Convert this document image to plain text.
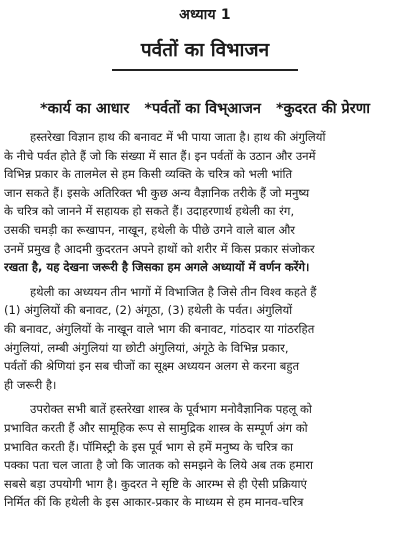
अध्याय 1
पर्वतों का विभाजन
*कार्य का आधार *पर्वतों का विभ्आजन *कुदरत की प्रेरणा
हस्तरेखा विज्ञान हाथ की बनावट में भी पाया जाता है। हाथ की अंगुलियों
के नीचे पर्वत होते हैं जो कि संख्या में सात हैं। इन पर्वतों के उठान और उनमें
विभिन्न प्रकार के तालमेल से हम किसी व्यक्ति के चरित्र को भली भांति
जान सकते हैं। इसके अतिरिक्त भी कुछ अन्य वैज्ञानिक तरीके हैं जो मनुष्य
के चरित्र को जानने में सहायक हो सकते हैं। उदाहरणार्थ हथेली का रंग,
उसकी चमड़ी का रूखापन, नाखून, हथेली के पीछे उगने वाले बाल और
उनमें प्रमुख है आदमी कुदरतन अपने हाथों को शरीर में किस प्रकार संजोकर
रखता है, यह देखना जरूरी है जिसका हम अगले अध्यायों में वर्णन करेंगे।
हथेली का अध्ययन तीन भागों में विभाजित है जिसे तीन विश्व कहते हैं
(1) अंगुलियों की बनावट, (2) अंगूठा, (3) हथेली के पर्वत। अंगुलियों
की बनावट, अंगुलियों के नाखून वाले भाग की बनावट, गांठदार या गांठरहित
अंगुलियां, लम्बी अंगुलियां या छोटी अंगुलियां, अंगूठे के विभिन्न प्रकार,
पर्वतों की श्रेणियां इन सब चीजों का सूक्ष्म अध्ययन अलग से करना बहुत
ही जरूरी है।
उपरोक्त सभी बातें हस्तरेखा शास्त्र के पूर्वभाग मनोवैज्ञानिक पहलू को
प्रभावित करती हैं और सामूहिक रूप से सामुद्रिक शास्त्र के सम्पूर्ण अंग को
प्रभावित करती हैं। पॉमिस्ट्री के इस पूर्व भाग से हमें मनुष्य के चरित्र का
पक्का पता चल जाता है जो कि जातक को समझने के लिये अब तक हमारा
सबसे बड़ा उपयोगी भाग है। कुदरत ने सृष्टि के आरम्भ से ही ऐसी प्रक्रियाएं
निर्मित कीं कि हथेली के इस आकार-प्रकार के माध्यम से हम मानव-चरित्र
